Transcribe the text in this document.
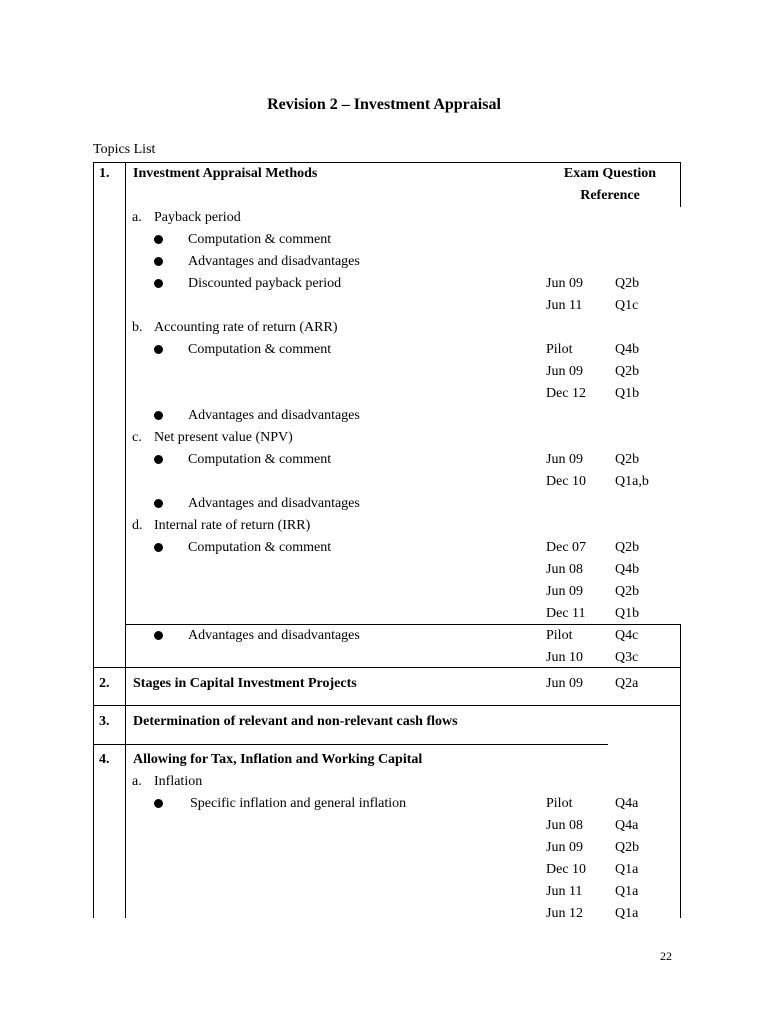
Revision 2 – Investment Appraisal
Topics List
Exam Question
Reference
1. Investment Appraisal Methods
a. Payback period
Computation & comment
Advantages and disadvantages
Discounted payback period	Jun 09 Q2b
Jun 11 Q1c
b. Accounting rate of return (ARR)
Computation & comment	Pilot	Q4b
Jun 09 Q2b
Dec 12 Q1b
Advantages and disadvantages
c. Net present value (NPV)
Computation & comment	Jun 09 Q2b
Dec 10 Q1a,b
Advantages and disadvantages
d. Internal rate of return (IRR)
Computation & comment	Dec 07 Q2b
Jun 08 Q4b
Jun 09 Q2b
Dec 11 Q1b
Advantages and disadvantages	Pilot	Q4c
Jun 10 Q3c
2. Stages in Capital Investment Projects	Jun 09 Q2a
3. Determination of relevant and non-relevant cash flows
4. Allowing for Tax, Inflation and Working Capital
a. Inflation
Specific inflation and general inflation	Pilot	Q4a
Jun 08 Q4a
Jun 09 Q2b
Dec 10 Q1a
Jun 11 Q1a
Jun 12 Q1a
22
